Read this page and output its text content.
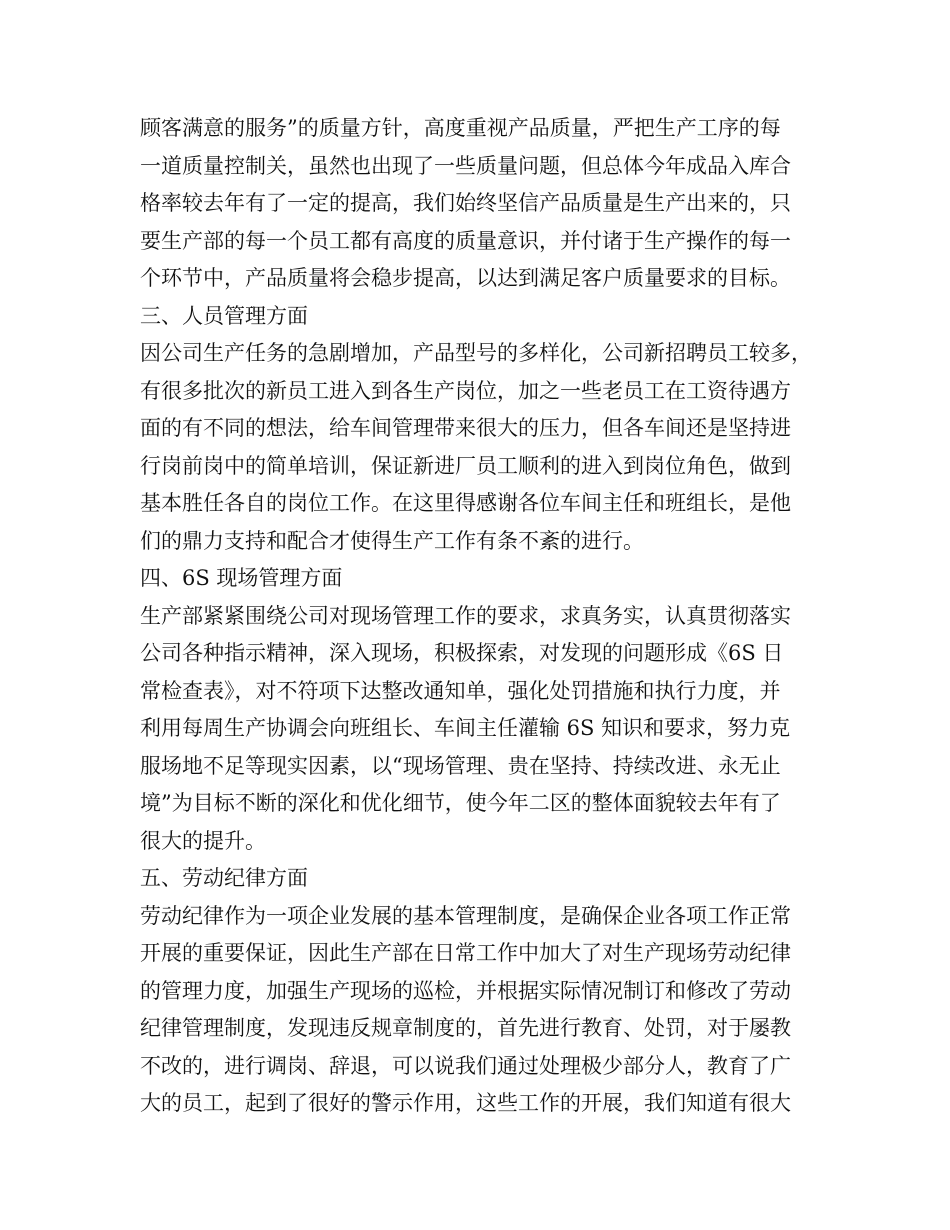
顾客满意的服务”的质量方针，高度重视产品质量，严把生产工序的每
一道质量控制关，虽然也出现了一些质量问题，但总体今年成品入库合
格率较去年有了一定的提高，我们始终坚信产品质量是生产出来的，只
要生产部的每一个员工都有高度的质量意识，并付诸于生产操作的每一
个环节中，产品质量将会稳步提高，以达到满足客户质量要求的目标。
三、人员管理方面
因公司生产任务的急剧增加，产品型号的多样化，公司新招聘员工较多，
有很多批次的新员工进入到各生产岗位，加之一些老员工在工资待遇方
面的有不同的想法，给车间管理带来很大的压力，但各车间还是坚持进
行岗前岗中的简单培训，保证新进厂员工顺利的进入到岗位角色，做到
基本胜任各自的岗位工作。在这里得感谢各位车间主任和班组长，是他
们的鼎力支持和配合才使得生产工作有条不紊的进行。
四、6S 现场管理方面
生产部紧紧围绕公司对现场管理工作的要求，求真务实，认真贯彻落实
公司各种指示精神，深入现场，积极探索，对发现的问题形成《6S 日
常检查表》，对不符项下达整改通知单，强化处罚措施和执行力度，并
利用每周生产协调会向班组长、车间主任灌输 6S 知识和要求，努力克
服场地不足等现实因素，以“现场管理、贵在坚持、持续改进、永无止
境”为目标不断的深化和优化细节，使今年二区的整体面貌较去年有了
很大的提升。
五、劳动纪律方面
劳动纪律作为一项企业发展的基本管理制度，是确保企业各项工作正常
开展的重要保证，因此生产部在日常工作中加大了对生产现场劳动纪律
的管理力度，加强生产现场的巡检，并根据实际情况制订和修改了劳动
纪律管理制度，发现违反规章制度的，首先进行教育、处罚，对于屡教
不改的，进行调岗、辞退，可以说我们通过处理极少部分人，教育了广
大的员工，起到了很好的警示作用，这些工作的开展，我们知道有很大
